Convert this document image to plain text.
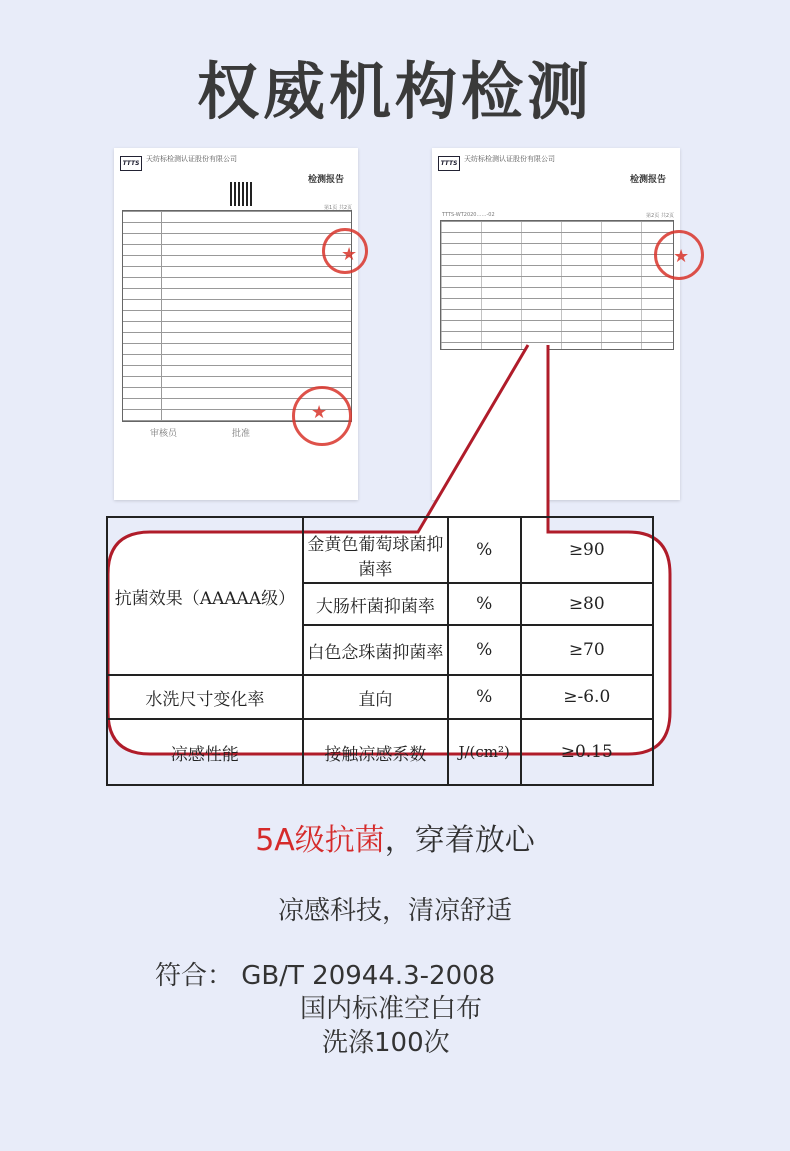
权威机构检测
TTTS
天纺标检测认证股份有限公司
检测报告
第1页 共2页
★
★
审核员	批准
TTTS
天纺标检测认证股份有限公司
检测报告
TTTS-WT2020……-02	第2页 共2页
★
抗菌效果（AAAAA级）	金黄色葡萄球菌抑菌率	%	≥90
	大肠杆菌抑菌率	%	≥80
	白色念珠菌抑菌率	%	≥70
水洗尺寸变化率	直向	%	≥-6.0
凉感性能	接触凉感系数	J/(cm²)	≥0.15
5A级抗菌，穿着放心
凉感科技，清凉舒适
符合： GB/T 20944.3-2008
国内标准空白布
洗涤100次
